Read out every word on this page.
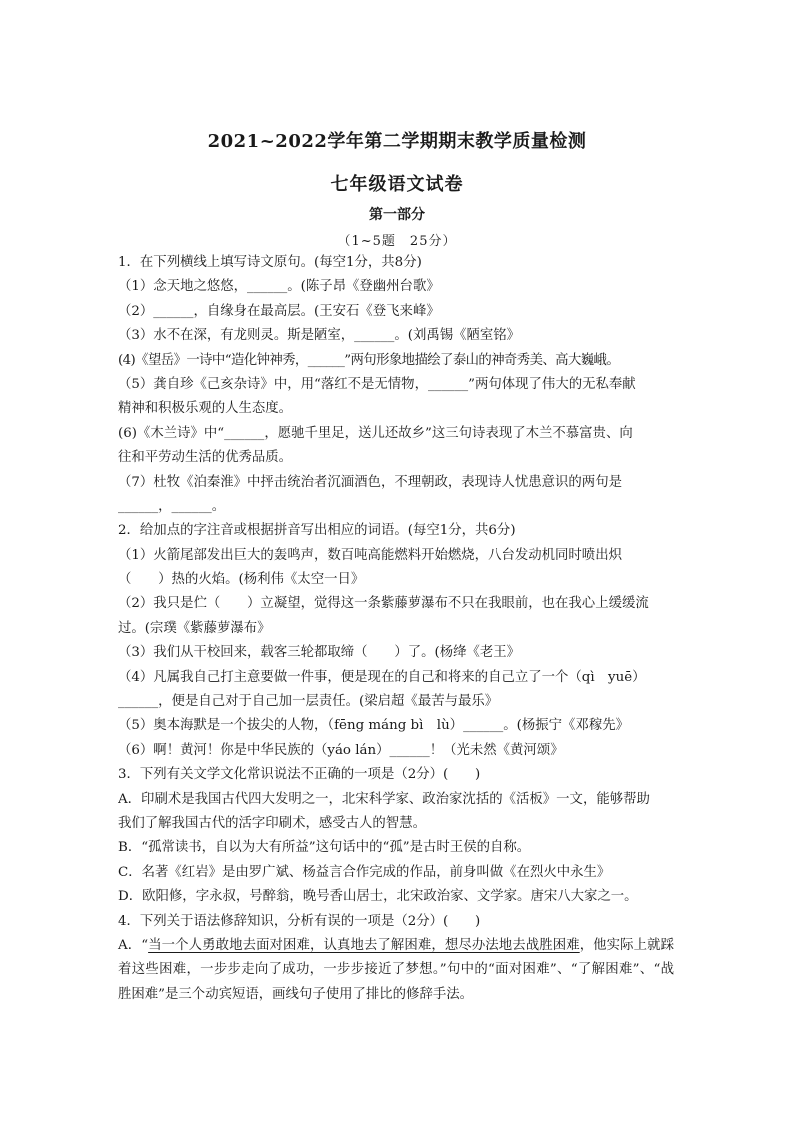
2021~2022学年第二学期期末教学质量检测
七年级语文试卷
第一部分
（1~5题　25分）
1．在下列横线上填写诗文原句。(每空1分，共8分)
（1）念天地之悠悠，______。(陈子昂《登幽州台歌》
（2）______，自缘身在最高层。(王安石《登飞来峰》
（3）水不在深，有龙则灵。斯是陋室，______。(刘禹锡《陋室铭》
(4)《望岳》一诗中“造化钟神秀，______”两句形象地描绘了泰山的神奇秀美、高大巍峨。
（5）龚自珍《己亥杂诗》中，用“落红不是无情物，______”两句体现了伟大的无私奉献
精神和积极乐观的人生态度。
(6)《木兰诗》中“______，愿驰千里足，送儿还故乡”这三句诗表现了木兰不慕富贵、向
往和平劳动生活的优秀品质。
（7）杜牧《泊秦淮》中抨击统治者沉湎酒色，不理朝政，表现诗人忧患意识的两句是
______，______。
2．给加点的字注音或根据拼音写出相应的词语。(每空1分，共6分)
（1）火箭尾部发出巨大的轰鸣声，数百吨高能燃料开始燃烧，八台发动机同时喷出炽
（　　）热的火焰。(杨利伟《太空一日》
（2）我只是伫（　　）立凝望，觉得这一条紫藤萝瀑布不只在我眼前，也在我心上缓缓流
过。(宗璞《紫藤萝瀑布》
（3）我们从干校回来，载客三轮都取缔（　　）了。(杨绛《老王》
（4）凡属我自己打主意要做一件事，便是现在的自己和将来的自己立了一个（qì　yuē）
______，便是自己对于自己加一层责任。(梁启超《最苦与最乐》
（5）奥本海默是一个拔尖的人物，（fēng máng bì　lù）______。(杨振宁《邓稼先》
（6）啊！黄河！你是中华民族的（yáo lán）______！（光未然《黄河颂》
3．下列有关文学文化常识说法不正确的一项是（2分）(　　)
A．印刷术是我国古代四大发明之一，北宋科学家、政治家沈括的《活板》一文，能够帮助
我们了解我国古代的活字印刷术，感受古人的智慧。
B．“孤常读书，自以为大有所益”这句话中的“孤”是古时王侯的自称。
C．名著《红岩》是由罗广斌、杨益言合作完成的作品，前身叫做《在烈火中永生》
D．欧阳修，字永叔，号醉翁，晚号香山居士，北宋政治家、文学家。唐宋八大家之一。
4．下列关于语法修辞知识，分析有误的一项是（2分）(　　)
A．“当一个人勇敢地去面对困难，认真地去了解困难，想尽办法地去战胜困难，他实际上就踩着这些困难，一步步走向了成功，一步步接近了梦想。”句中的“面对困难”、“了解困难”、“战胜困难”是三个动宾短语，画线句子使用了排比的修辞手法。
